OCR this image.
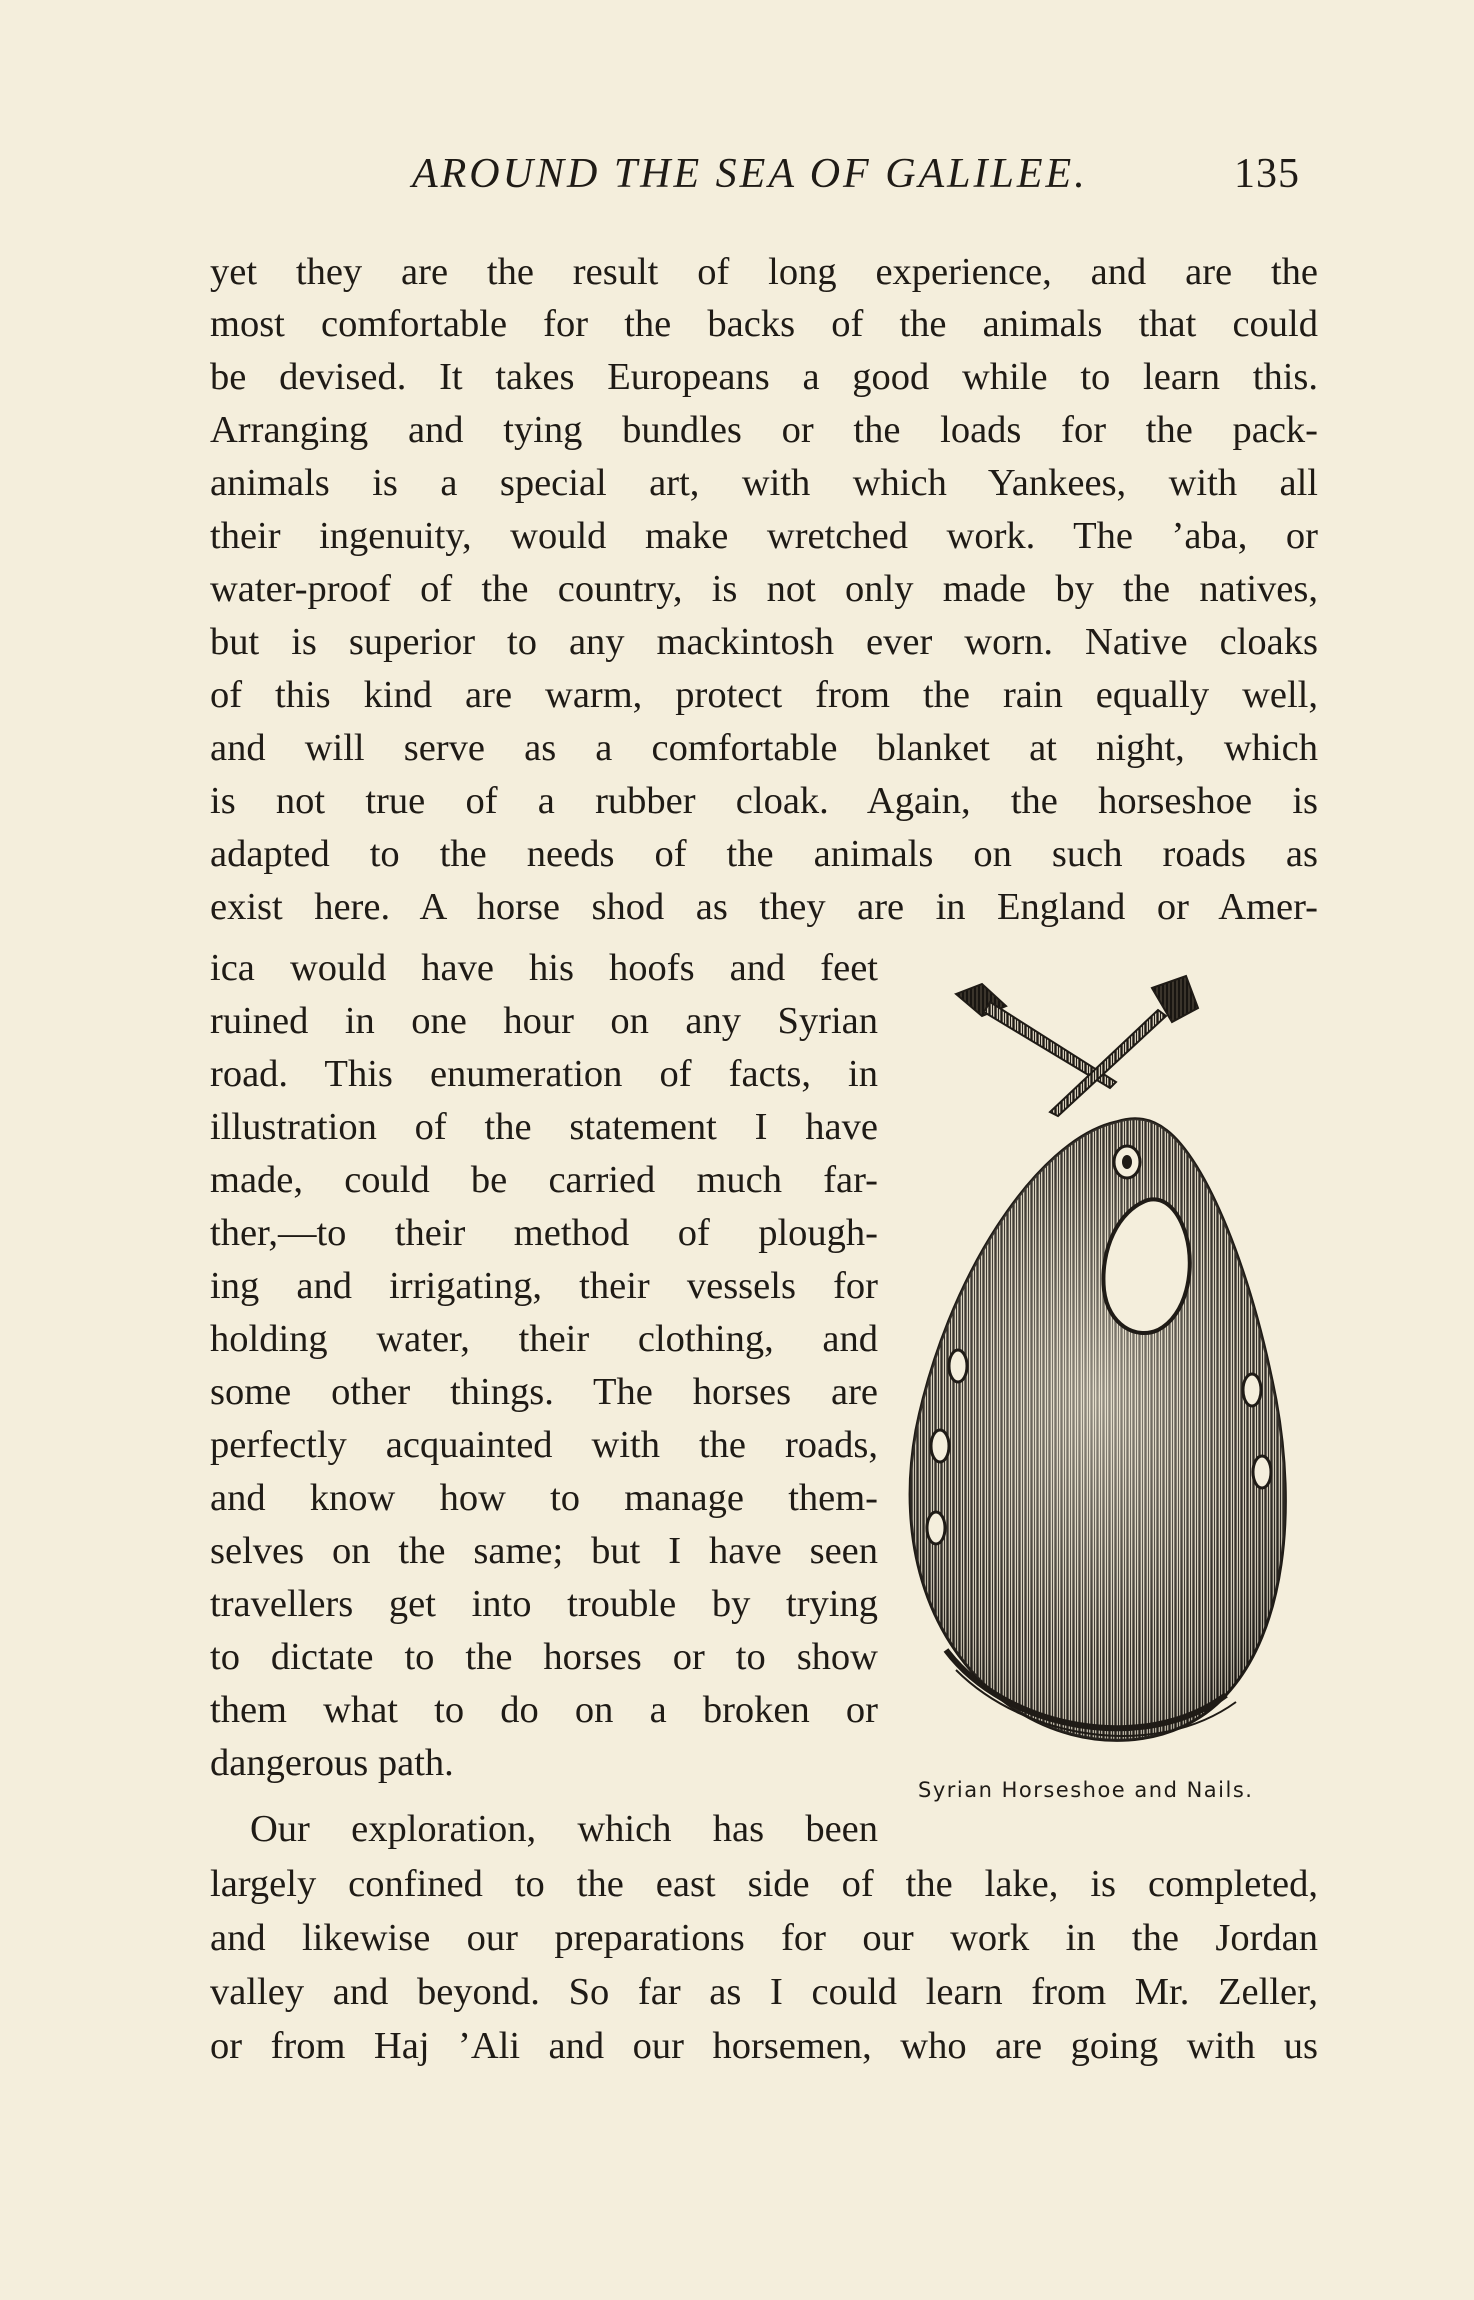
AROUND THE SEA OF GALILEE.	135
yet they are the result of long experience, and are the
most comfortable for the backs of the animals that could
be devised. It takes Europeans a good while to learn this.
Arranging and tying bundles or the loads for the pack-
animals is a special art, with which Yankees, with all
their ingenuity, would make wretched work. The ’aba, or
water-proof of the country, is not only made by the natives,
but is superior to any mackintosh ever worn. Native cloaks
of this kind are warm, protect from the rain equally well,
and will serve as a comfortable blanket at night, which
is not true of a rubber cloak. Again, the horseshoe is
adapted to the needs of the animals on such roads as
exist here. A horse shod as they are in England or Amer-
ica would have his hoofs and feet
ruined in one hour on any Syrian
road. This enumeration of facts, in
illustration of the statement I have
made, could be carried much far-
ther,—to their method of plough-
ing and irrigating, their vessels for
holding water, their clothing, and
some other things. The horses are
perfectly acquainted with the roads,
and know how to manage them-
selves on the same; but I have seen
travellers get into trouble by trying
to dictate to the horses or to show
them what to do on a broken or
dangerous path.
Our exploration, which has been
largely confined to the east side of the lake, is completed,
and likewise our preparations for our work in the Jordan
valley and beyond. So far as I could learn from Mr. Zeller,
or from Haj ’Ali and our horsemen, who are going with us
Syrian Horseshoe and Nails.
